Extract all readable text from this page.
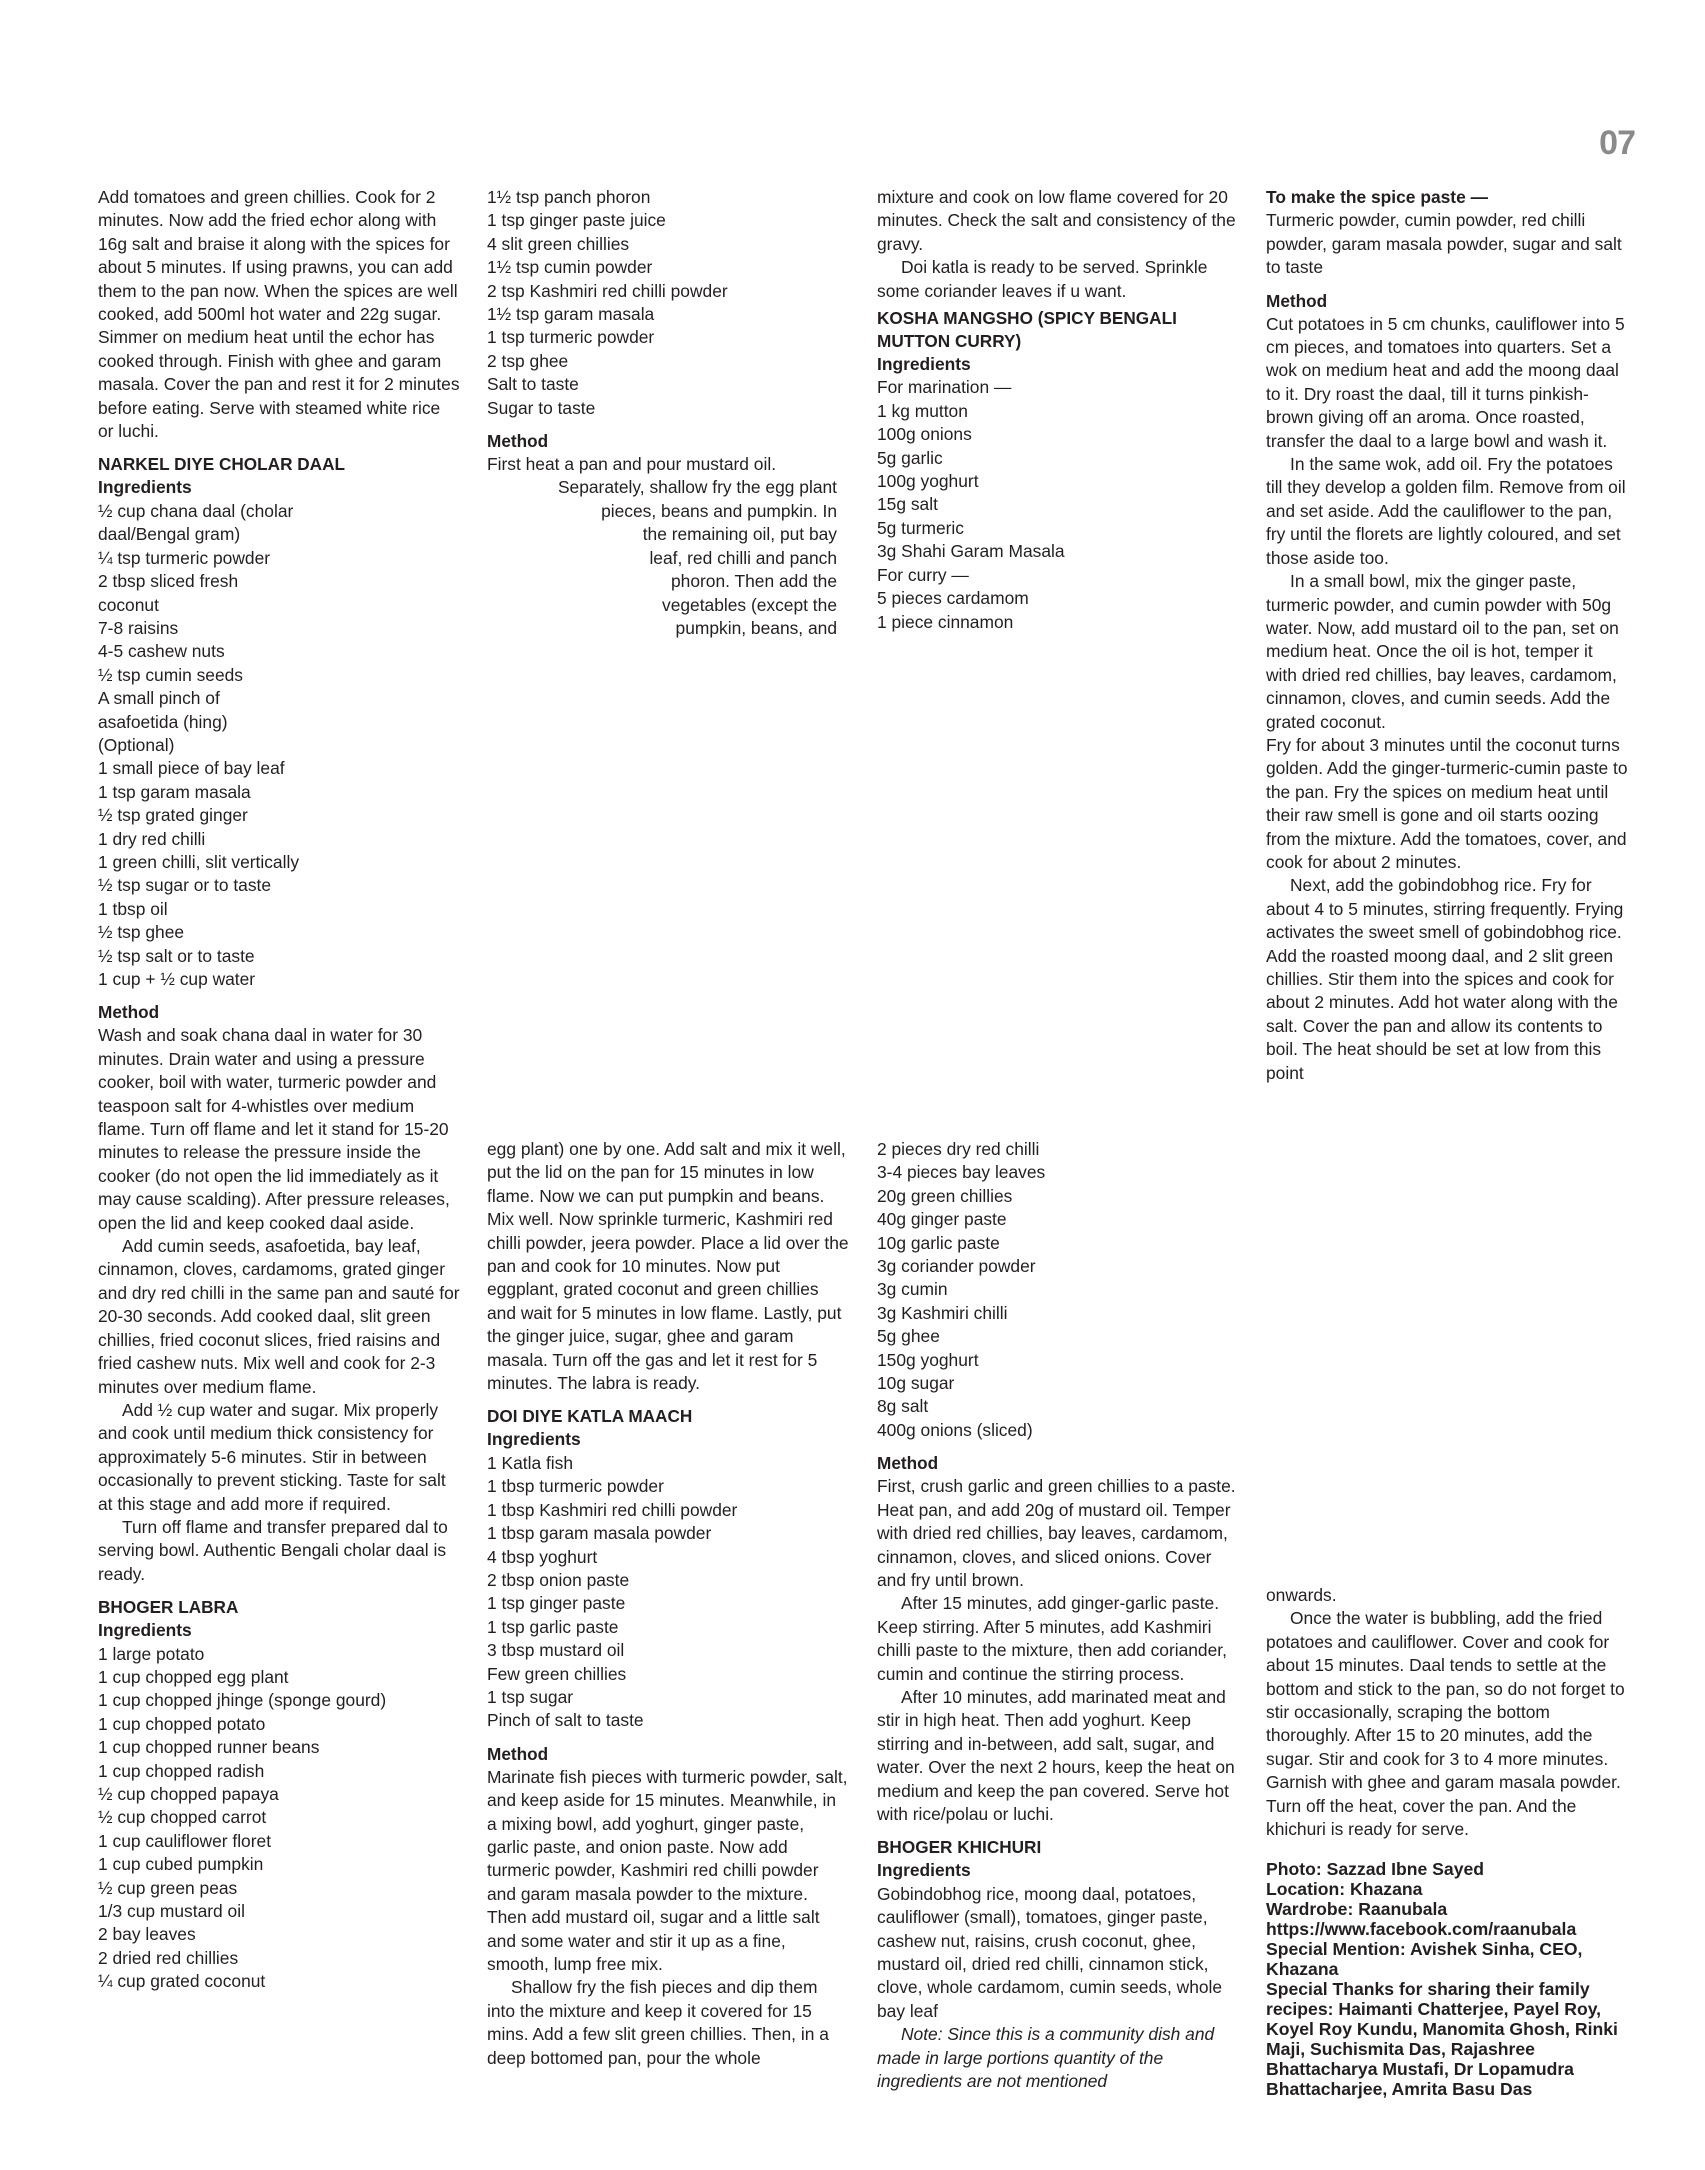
07

Add tomatoes and green chillies. Cook for 2 minutes. Now add the fried echor along with 16g salt and braise it along with the spices for about 5 minutes. If using prawns, you can add them to the pan now. When the spices are well cooked, add 500ml hot water and 22g sugar. Simmer on medium heat until the echor has cooked through. Finish with ghee and garam masala. Cover the pan and rest it for 2 minutes before eating. Serve with steamed white rice or luchi.

NARKEL DIYE CHOLAR DAAL
Ingredients
½ cup chana daal (cholar
daal/Bengal gram)
¼ tsp turmeric powder
2 tbsp sliced fresh
coconut
7-8 raisins
4-5 cashew nuts
½ tsp cumin seeds
A small pinch of
asafoetida (hing)
(Optional)
1 small piece of bay leaf
1 tsp garam masala
½ tsp grated ginger
1 dry red chilli
1 green chilli, slit vertically
½ tsp sugar or to taste
1 tbsp oil
½ tsp ghee
½ tsp salt or to taste
1 cup + ½ cup water
Method

Wash and soak chana daal in water for 30 minutes. Drain water and using a pressure cooker, boil with water, turmeric powder and teaspoon salt for 4-whistles over medium flame. Turn off flame and let it stand for 15-20 minutes to release the pressure inside the cooker (do not open the lid immediately as it may cause scalding). After pressure releases, open the lid and keep cooked daal aside.

Add cumin seeds, asafoetida, bay leaf, cinnamon, cloves, cardamoms, grated ginger and dry red chilli in the same pan and sauté for 20-30 seconds. Add cooked daal, slit green chillies, fried coconut slices, fried raisins and fried cashew nuts. Mix well and cook for 2-3 minutes over medium flame.

Add ½ cup water and sugar. Mix properly and cook until medium thick consistency for approximately 5-6 minutes. Stir in between occasionally to prevent sticking. Taste for salt at this stage and add more if required.

Turn off flame and transfer prepared dal to serving bowl. Authentic Bengali cholar daal is ready.

BHOGER LABRA
Ingredients
1 large potato
1 cup chopped egg plant
1 cup chopped jhinge (sponge gourd)
1 cup chopped potato
1 cup chopped runner beans
1 cup chopped radish
½ cup chopped papaya
½ cup chopped carrot
1 cup cauliflower floret
1 cup cubed pumpkin
½ cup green peas
1/3 cup mustard oil
2 bay leaves
2 dried red chillies
¼ cup grated coconut
1½ tsp panch phoron
1 tsp ginger paste juice
4 slit green chillies
1½ tsp cumin powder
2 tsp Kashmiri red chilli powder
1½ tsp garam masala
1 tsp turmeric powder
2 tsp ghee
Salt to taste
Sugar to taste
Method

First heat a pan and pour mustard oil.

Separately, shallow fry the egg plant
pieces, beans and pumpkin. In
the remaining oil, put bay
leaf, red chilli and panch
phoron. Then add the
vegetables (except the
pumpkin, beans, and

egg plant) one by one. Add salt and mix it well, put the lid on the pan for 15 minutes in low flame. Now we can put pumpkin and beans. Mix well. Now sprinkle turmeric, Kashmiri red chilli powder, jeera powder. Place a lid over the pan and cook for 10 minutes. Now put eggplant, grated coconut and green chillies and wait for 5 minutes in low flame. Lastly, put the ginger juice, sugar, ghee and garam masala. Turn off the gas and let it rest for 5 minutes. The labra is ready.

DOI DIYE KATLA MAACH
Ingredients
1 Katla fish
1 tbsp turmeric powder
1 tbsp Kashmiri red chilli powder
1 tbsp garam masala powder
4 tbsp yoghurt
2 tbsp onion paste
1 tsp ginger paste
1 tsp garlic paste
3 tbsp mustard oil
Few green chillies
1 tsp sugar
Pinch of salt to taste
Method

Marinate fish pieces with turmeric powder, salt, and keep aside for 15 minutes. Meanwhile, in a mixing bowl, add yoghurt, ginger paste, garlic paste, and onion paste. Now add turmeric powder, Kashmiri red chilli powder and garam masala powder to the mixture. Then add mustard oil, sugar and a little salt and some water and stir it up as a fine, smooth, lump free mix.

Shallow fry the fish pieces and dip them into the mixture and keep it covered for 15 mins. Add a few slit green chillies. Then, in a deep bottomed pan, pour the whole

mixture and cook on low flame covered for 20 minutes. Check the salt and consistency of the gravy.

Doi katla is ready to be served. Sprinkle some coriander leaves if u want.

KOSHA MANGSHO (SPICY BENGALI MUTTON CURRY)
Ingredients
For marination —
1 kg mutton
100g onions
5g garlic
100g yoghurt
15g salt
5g turmeric
3g Shahi Garam Masala
For curry —
5 pieces cardamom
1 piece cinnamon
2 pieces dry red chilli
3-4 pieces bay leaves
20g green chillies
40g ginger paste
10g garlic paste
3g coriander powder
3g cumin
3g Kashmiri chilli
5g ghee
150g yoghurt
10g sugar
8g salt
400g onions (sliced)
Method

First, crush garlic and green chillies to a paste. Heat pan, and add 20g of mustard oil. Temper with dried red chillies, bay leaves, cardamom, cinnamon, cloves, and sliced onions. Cover and fry until brown.

After 15 minutes, add ginger-garlic paste. Keep stirring. After 5 minutes, add Kashmiri chilli paste to the mixture, then add coriander, cumin and continue the stirring process.

After 10 minutes, add marinated meat and stir in high heat. Then add yoghurt. Keep stirring and in-between, add salt, sugar, and water. Over the next 2 hours, keep the heat on medium and keep the pan covered. Serve hot with rice/polau or luchi.

BHOGER KHICHURI
Ingredients

Gobindobhog rice, moong daal, potatoes, cauliflower (small), tomatoes, ginger paste, cashew nut, raisins, crush coconut, ghee, mustard oil, dried red chilli, cinnamon stick, clove, whole cardamom, cumin seeds, whole bay leaf

Note: Since this is a community dish and made in large portions quantity of the ingredients are not mentioned

To make the spice paste —

Turmeric powder, cumin powder, red chilli powder, garam masala powder, sugar and salt to taste

Method

Cut potatoes in 5 cm chunks, cauliflower into 5 cm pieces, and tomatoes into quarters. Set a wok on medium heat and add the moong daal to it. Dry roast the daal, till it turns pinkish-brown giving off an aroma. Once roasted, transfer the daal to a large bowl and wash it.

In the same wok, add oil. Fry the potatoes till they develop a golden film. Remove from oil and set aside. Add the cauliflower to the pan, fry until the florets are lightly coloured, and set those aside too.

In a small bowl, mix the ginger paste, turmeric powder, and cumin powder with 50g water. Now, add mustard oil to the pan, set on medium heat. Once the oil is hot, temper it with dried red chillies, bay leaves, cardamom, cinnamon, cloves, and cumin seeds. Add the grated coconut.

Fry for about 3 minutes until the coconut turns golden. Add the ginger-turmeric-cumin paste to the pan. Fry the spices on medium heat until their raw smell is gone and oil starts oozing from the mixture. Add the tomatoes, cover, and cook for about 2 minutes.

Next, add the gobindobhog rice. Fry for about 4 to 5 minutes, stirring frequently. Frying activates the sweet smell of gobindobhog rice. Add the roasted moong daal, and 2 slit green chillies. Stir them into the spices and cook for about 2 minutes. Add hot water along with the salt. Cover the pan and allow its contents to boil. The heat should be set at low from this point

onwards.

Once the water is bubbling, add the fried potatoes and cauliflower. Cover and cook for about 15 minutes. Daal tends to settle at the bottom and stick to the pan, so do not forget to stir occasionally, scraping the bottom thoroughly. After 15 to 20 minutes, add the sugar. Stir and cook for 3 to 4 more minutes. Garnish with ghee and garam masala powder. Turn off the heat, cover the pan. And the khichuri is ready for serve.

Photo: Sazzad Ibne Sayed
Location: Khazana
Wardrobe: Raanubala
https://www.facebook.com/raanubala
Special Mention: Avishek Sinha, CEO, Khazana
Special Thanks for sharing their family recipes: Haimanti Chatterjee, Payel Roy, Koyel Roy Kundu, Manomita Ghosh, Rinki Maji, Suchismita Das, Rajashree Bhattacharya Mustafi, Dr Lopamudra Bhattacharjee, Amrita Basu Das
